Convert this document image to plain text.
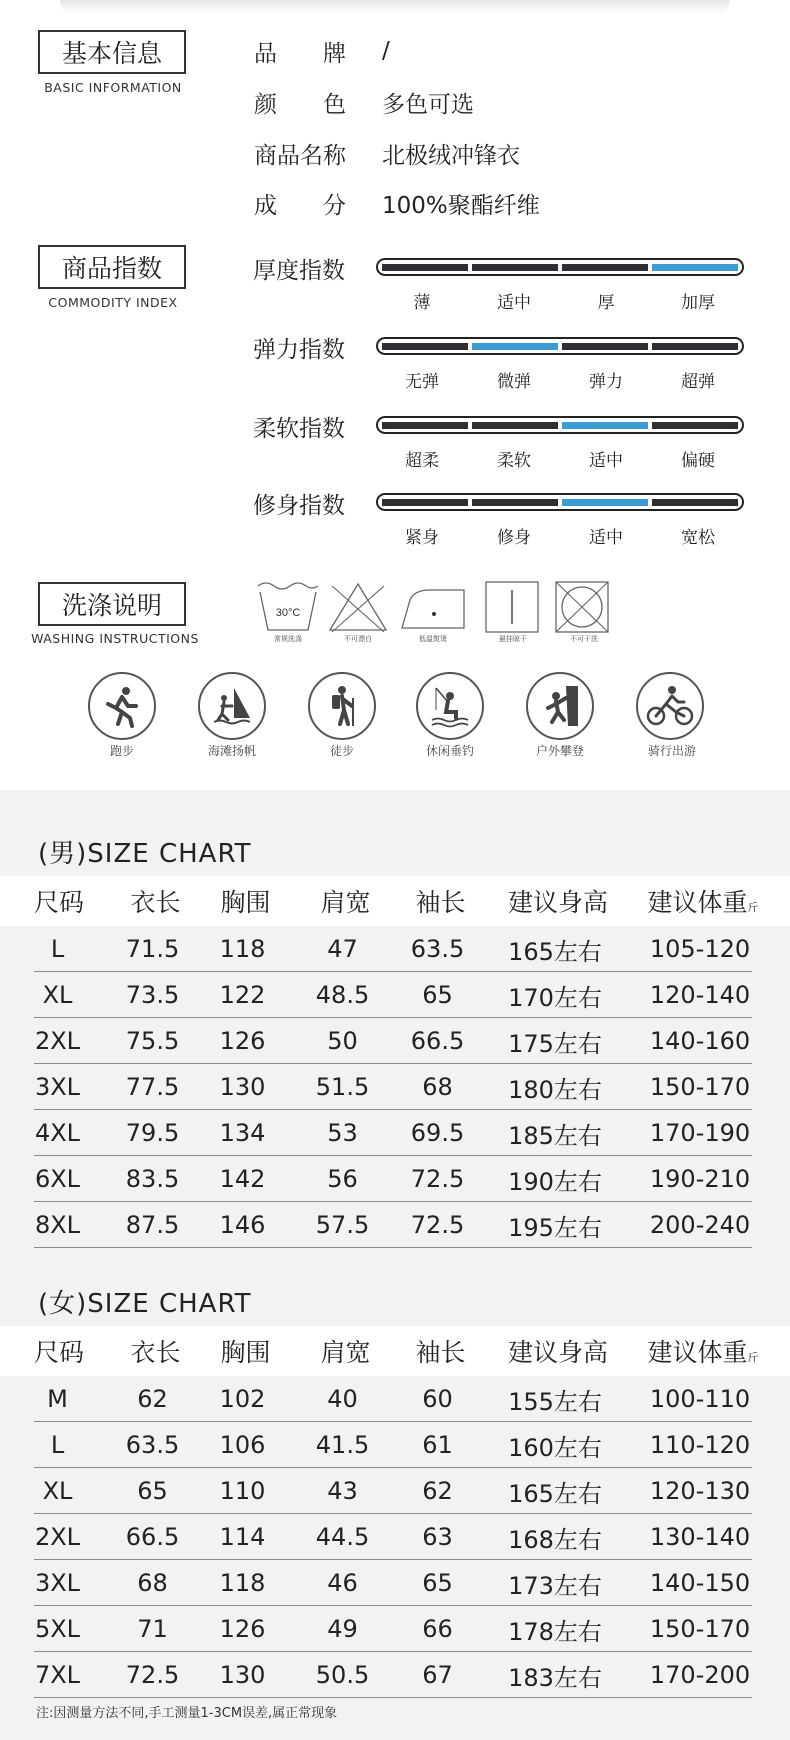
基本信息
BASIC INFORMATION
品　　牌	/
颜　　色	多色可选
商品名称	北极绒冲锋衣
成　　分	100%聚酯纤维
商品指数
COMMODITY INDEX
厚度指数
薄	适中	厚	加厚
弹力指数
无弹	微弹	弹力	超弹
柔软指数
超柔	柔软	适中	偏硬
修身指数
紧身	修身	适中	宽松
洗涤说明
WASHING INSTRUCTIONS
30°C
常规洗涤	不可漂白	低温熨烫	悬挂晾干	不可干洗
跑步	海滩扬帆	徒步	休闲垂钓	户外攀登	骑行出游
(男)SIZE CHART
尺码	衣长	胸围	肩宽	袖长	建议身高	建议体重斤
L	71.5	118	47	63.5	165左右	105-120
XL	73.5	122	48.5	65	170左右	120-140
2XL	75.5	126	50	66.5	175左右	140-160
3XL	77.5	130	51.5	68	180左右	150-170
4XL	79.5	134	53	69.5	185左右	170-190
6XL	83.5	142	56	72.5	190左右	190-210
8XL	87.5	146	57.5	72.5	195左右	200-240
(女)SIZE CHART
尺码	衣长	胸围	肩宽	袖长	建议身高	建议体重斤
M	62	102	40	60	155左右	100-110
L	63.5	106	41.5	61	160左右	110-120
XL	65	110	43	62	165左右	120-130
2XL	66.5	114	44.5	63	168左右	130-140
3XL	68	118	46	65	173左右	140-150
5XL	71	126	49	66	178左右	150-170
7XL	72.5	130	50.5	67	183左右	170-200
注:因测量方法不同,手工测量1-3CM误差,属正常现象
